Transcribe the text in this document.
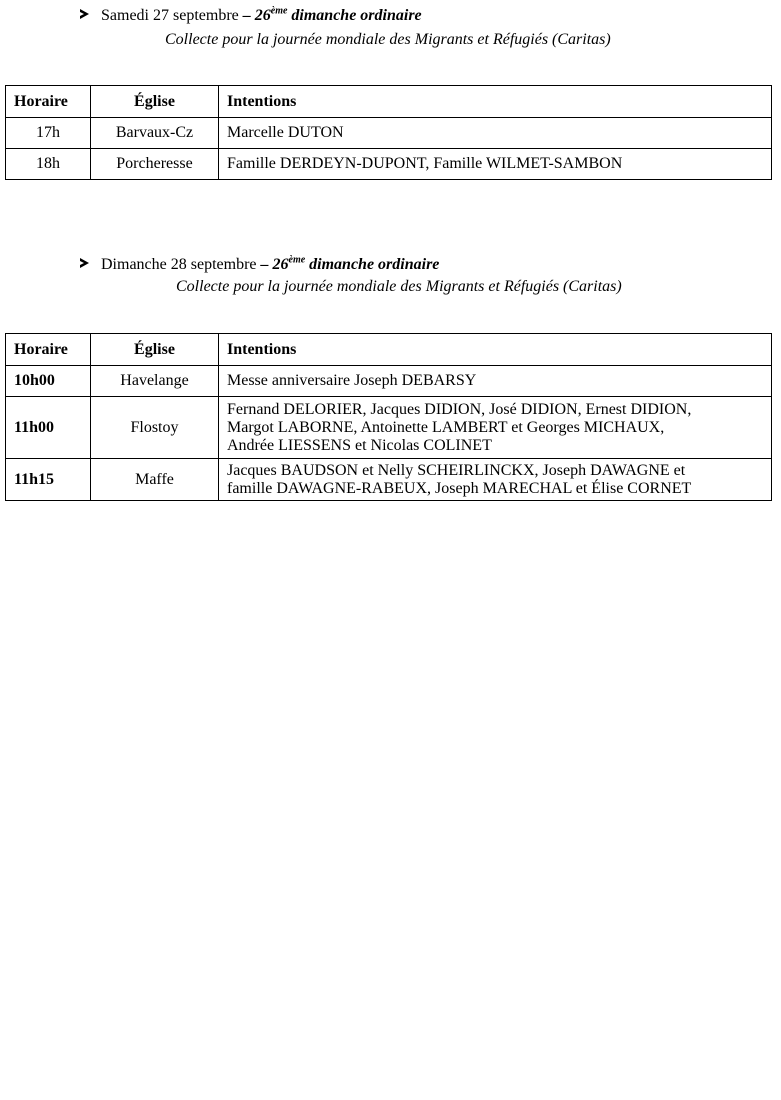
Samedi 27 septembre – 26ème dimanche ordinaire
Collecte pour la journée mondiale des Migrants et Réfugiés (Caritas)
Horaire	Église	Intentions
17h	Barvaux-Cz	Marcelle DUTON
18h	Porcheresse	Famille DERDEYN-DUPONT, Famille WILMET-SAMBON
Dimanche 28 septembre – 26ème dimanche ordinaire
Collecte pour la journée mondiale des Migrants et Réfugiés (Caritas)
Horaire	Église	Intentions
10h00	Havelange	Messe anniversaire Joseph DEBARSY
11h00	Flostoy	Fernand DELORIER, Jacques DIDION, José DIDION, Ernest DIDION,
Margot LABORNE, Antoinette LAMBERT et Georges MICHAUX,
Andrée LIESSENS et Nicolas COLINET

11h15	Maffe	Jacques BAUDSON et Nelly SCHEIRLINCKX, Joseph DAWAGNE et
famille DAWAGNE-RABEUX, Joseph MARECHAL et Élise CORNET
